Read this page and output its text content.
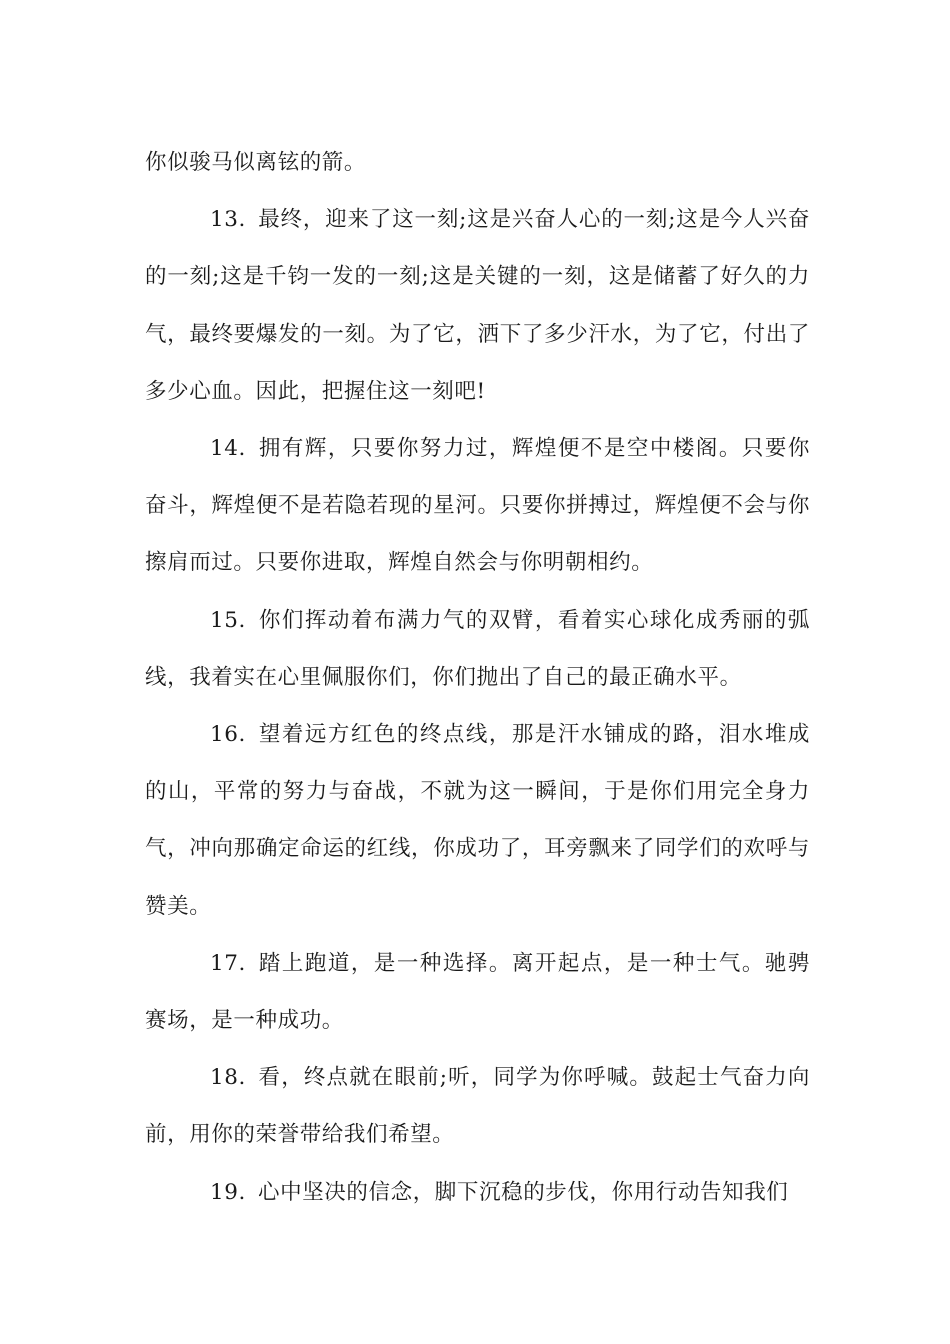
你似骏马似离铉的箭。

13. 最终，迎来了这一刻;这是兴奋人心的一刻;这是今人兴奋的一刻;这是千钧一发的一刻;这是关键的一刻，这是储蓄了好久的力气，最终要爆发的一刻。为了它，洒下了多少汗水，为了它，付出了多少心血。因此，把握住这一刻吧!

14. 拥有辉，只要你努力过，辉煌便不是空中楼阁。只要你奋斗，辉煌便不是若隐若现的星河。只要你拼搏过，辉煌便不会与你擦肩而过。只要你进取，辉煌自然会与你明朝相约。

15. 你们挥动着布满力气的双臂，看着实心球化成秀丽的弧线，我着实在心里佩服你们，你们抛出了自己的最正确水平。

16. 望着远方红色的终点线，那是汗水铺成的路，泪水堆成的山，平常的努力与奋战，不就为这一瞬间，于是你们用完全身力气，冲向那确定命运的红线，你成功了，耳旁飘来了同学们的欢呼与赞美。

17. 踏上跑道，是一种选择。离开起点，是一种士气。驰骋赛场，是一种成功。

18. 看，终点就在眼前;听，同学为你呼喊。鼓起士气奋力向前，用你的荣誉带给我们希望。

19. 心中坚决的信念，脚下沉稳的步伐，你用行动告知我们
